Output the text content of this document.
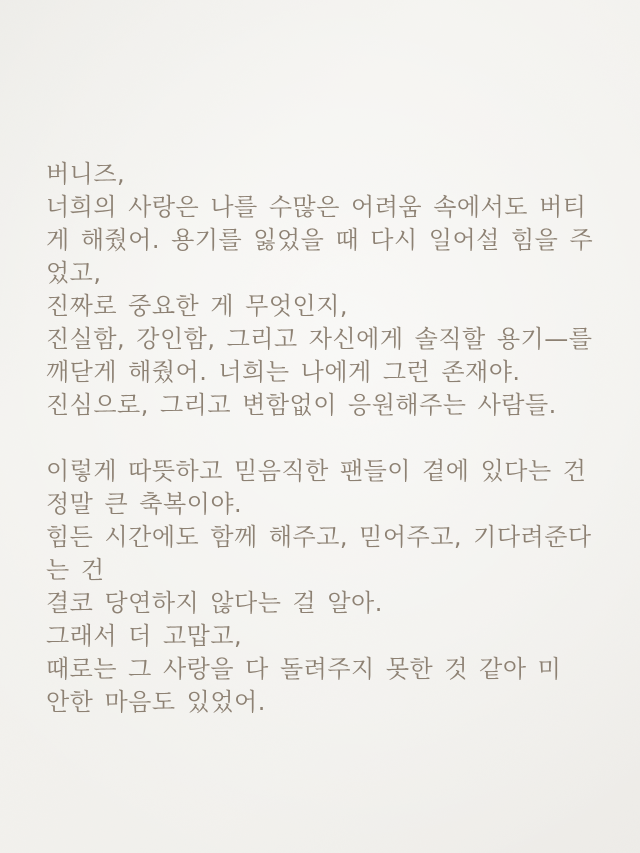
버니즈,
너희의 사랑은 나를 수많은 어려움 속에서도 버티
게 해줬어. 용기를 잃었을 때 다시 일어설 힘을 주
었고,
진짜로 중요한 게 무엇인지,
진실함, 강인함, 그리고 자신에게 솔직할 용기—를
깨닫게 해줬어. 너희는 나에게 그런 존재야.
진심으로, 그리고 변함없이 응원해주는 사람들.
이렇게 따뜻하고 믿음직한 팬들이 곁에 있다는 건
정말 큰 축복이야.
힘든 시간에도 함께 해주고, 믿어주고, 기다려준다
는 건
결코 당연하지 않다는 걸 알아.
그래서 더 고맙고,
때로는 그 사랑을 다 돌려주지 못한 것 같아 미
안한 마음도 있었어.
